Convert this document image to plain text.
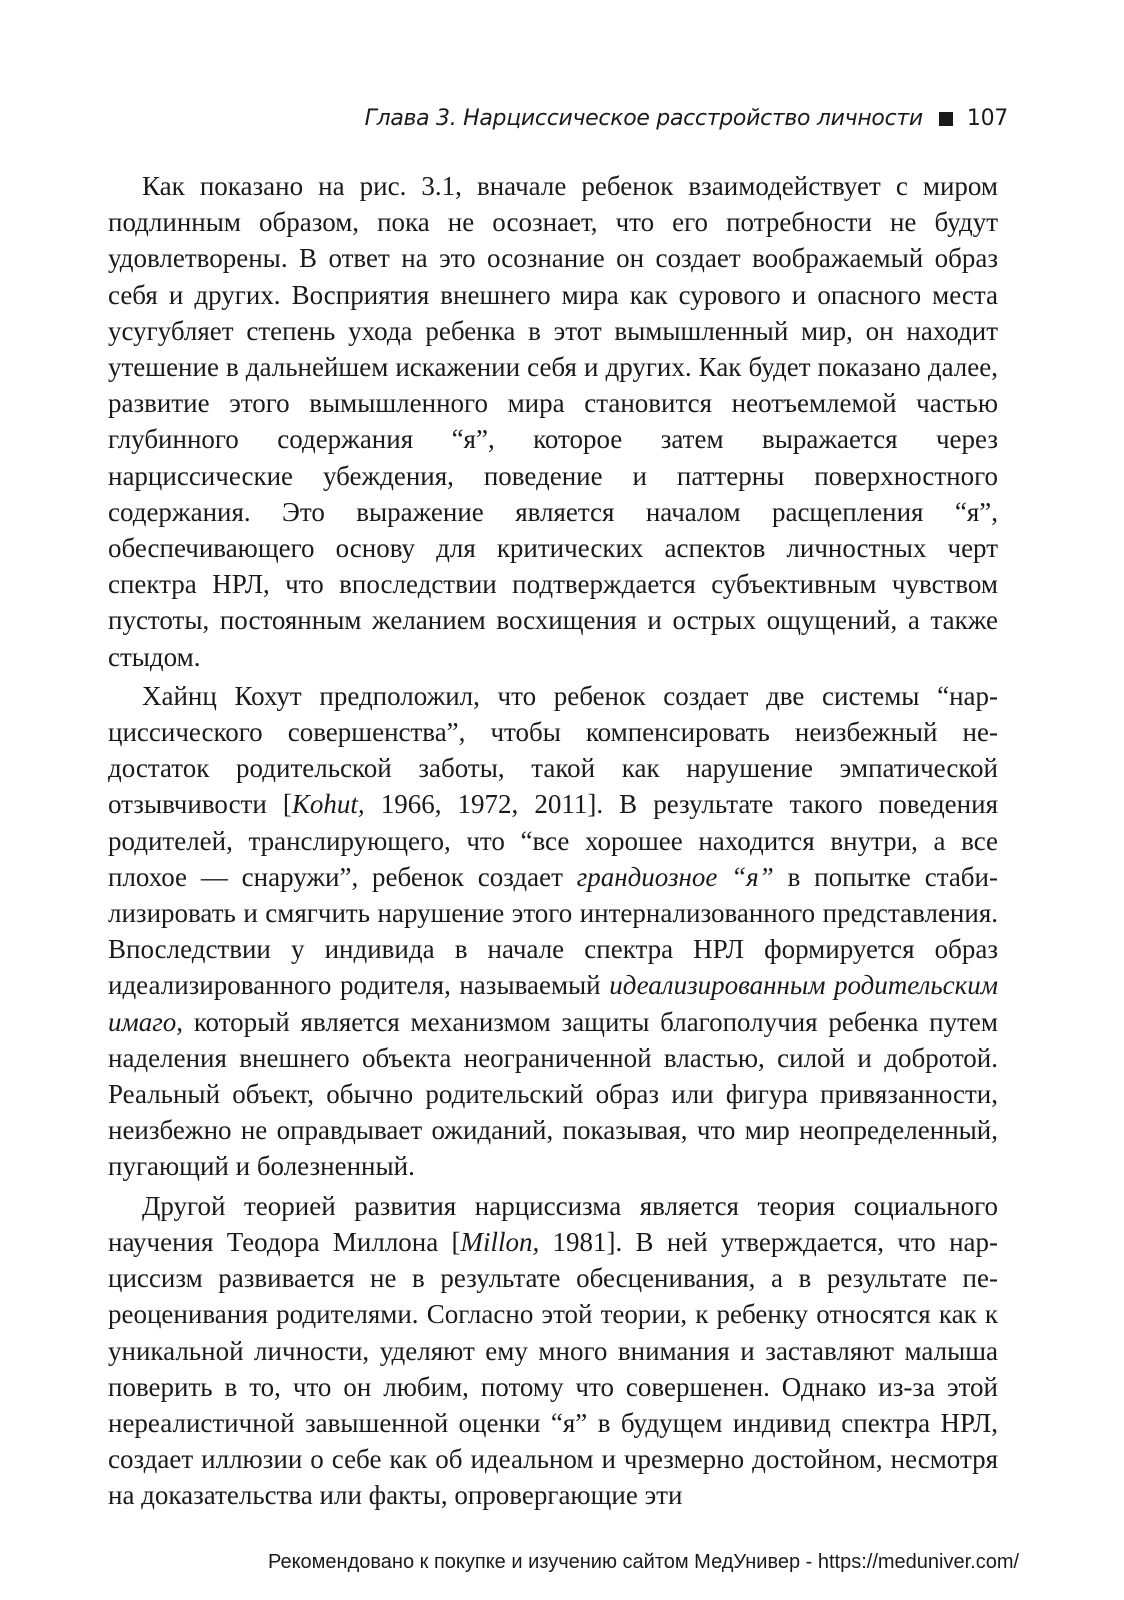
Глава 3. Нарциссическое расстройство личности 107

Как показано на рис. 3.1, вначале ребенок взаимодействует с миром подлинным образом, пока не осознает, что его потребности не будут удовлетворены. В ответ на это осознание он создает воображаемый образ себя и других. Восприятия внешнего мира как сурового и опасного места усугубляет степень ухода ребенка в этот вымышленный мир, он находит утешение в дальнейшем искажении себя и других. Как будет показано далее, развитие этого вымышленного мира становится неотъемлемой частью глубинного содержания “я”, которое затем выражается через нарциссические убеждения, поведение и паттерны поверхностного содержания. Это выражение является началом расщепления “я”, обеспечивающего основу для критических аспектов личностных черт спектра НРЛ, что впоследствии подтверждается субъективным чувством пустоты, постоянным желанием восхищения и острых ощущений, а также стыдом.

Хайнц Кохут предположил, что ребенок создает две системы “нарциссического совершенства”, чтобы компенсировать неизбежный недостаток родительской заботы, такой как нарушение эмпатической отзывчивости [Kohut, 1966, 1972, 2011]. В результате такого поведения родителей, транслирующего, что “все хорошее находится внутри, а все плохое — снаружи”, ребенок создает грандиозное “я” в попытке стабилизировать и смягчить нарушение этого интернализованного представления. Впоследствии у индивида в начале спектра НРЛ формируется образ идеализированного родителя, называемый идеализированным родительским имаго, который является механизмом защиты благополучия ребенка путем наделения внешнего объекта неограниченной властью, силой и добротой. Реальный объект, обычно родительский образ или фигура привязанности, неизбежно не оправдывает ожиданий, показывая, что мир неопределенный, пугающий и болезненный.

Другой теорией развития нарциссизма является теория социального научения Теодора Миллона [Millon, 1981]. В ней утверждается, что нарциссизм развивается не в результате обесценивания, а в результате переоценивания родителями. Согласно этой теории, к ребенку относятся как к уникальной личности, уделяют ему много внимания и заставляют малыша поверить в то, что он любим, потому что совершенен. Однако из-за этой нереалистичной завышенной оценки “я” в будущем индивид спектра НРЛ, создает иллюзии о себе как об идеальном и чрезмерно достойном, несмотря на доказательства или факты, опровергающие эти

Рекомендовано к покупке и изучению сайтом МедУнивер - https://meduniver.com/
